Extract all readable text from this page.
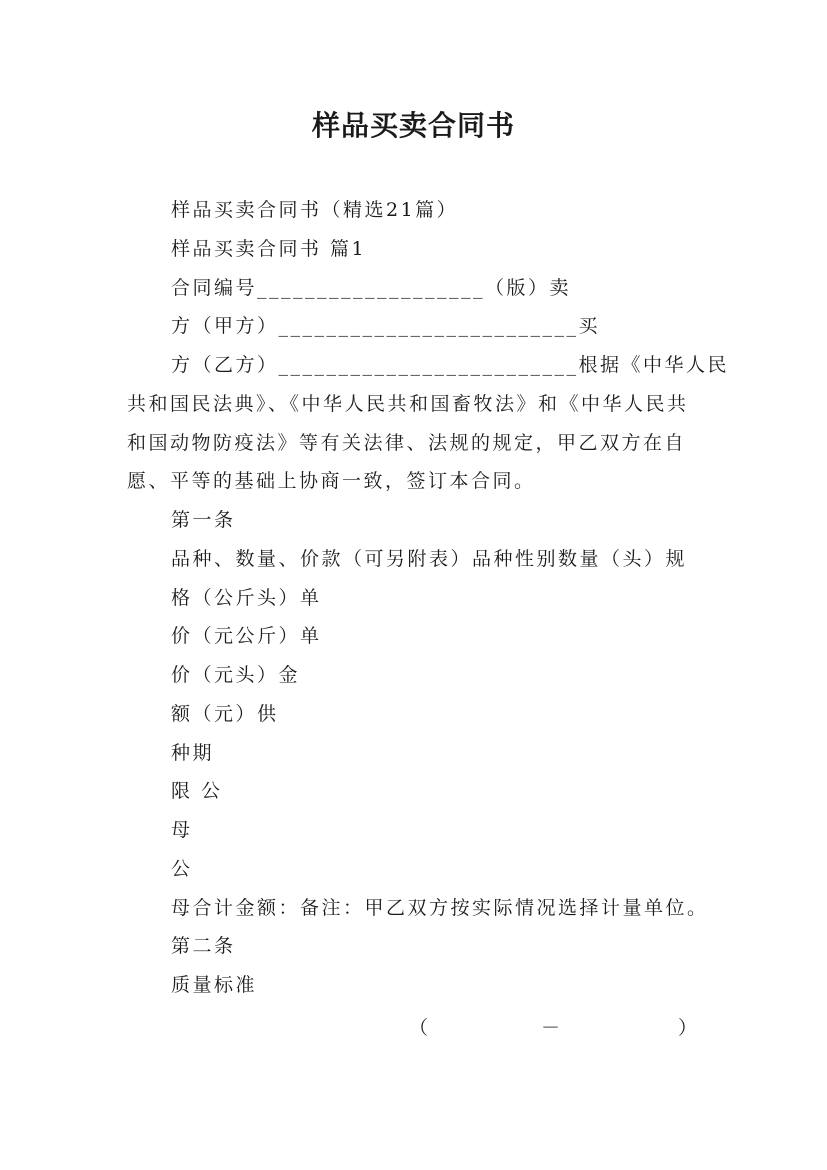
样品买卖合同书
样品买卖合同书（精选21篇）
样品买卖合同书 篇1
合同编号___________________（版）卖
方（甲方）_________________________买
方（乙方）_________________________根据《中华人民
共和国民法典》、《中华人民共和国畜牧法》和《中华人民共
和国动物防疫法》等有关法律、法规的规定，甲乙双方在自
愿、平等的基础上协商一致，签订本合同。
第一条
品种、数量、价款（可另附表）品种性别数量（头）规
格（公斤头）单
价（元公斤）单
价（元头）金
额（元）供
种期
限 公
母
公
母合计金额：备注：甲乙双方按实际情况选择计量单位。
第二条
质量标准
（	－	）
